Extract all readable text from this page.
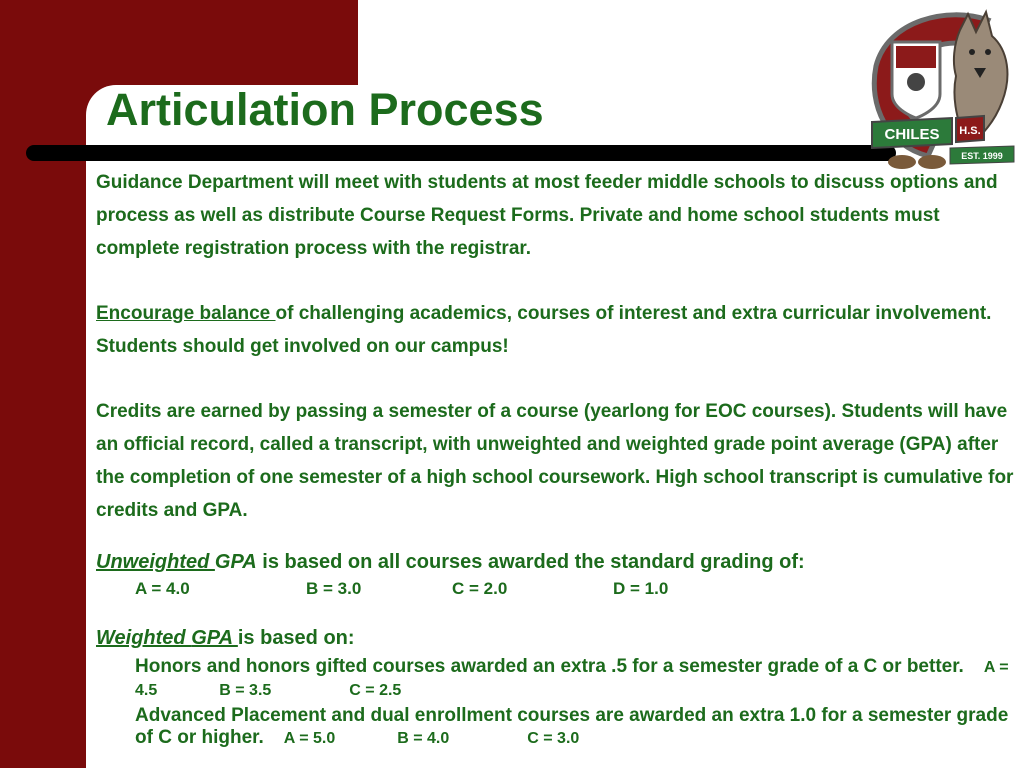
Articulation Process	CHILES H.S.
EST. 1999

Guidance Department will meet with students at most feeder middle schools to discuss options and process as well as distribute Course Request Forms. Private and home school students must complete registration process with the registrar.

Encourage balance of challenging academics, courses of interest and extra curricular involvement. Students should get involved on our campus!

Credits are earned by passing a semester of a course (yearlong for EOC courses). Students will have an official record, called a transcript, with unweighted and weighted grade point average (GPA) after the completion of one semester of a high school coursework. High school transcript is cumulative for credits and GPA.

Unweighted GPA is based on all courses awarded the standard grading of:

A = 4.0	B = 3.0	C = 2.0	D = 1.0

Weighted GPA is based on:

Honors and honors gifted courses awarded an extra .5 for a semester grade of a C or better. A = 4.5	B = 3.5	C = 2.5

Advanced Placement and dual enrollment courses are awarded an extra 1.0 for a semester grade of C or higher. A = 5.0	B = 4.0	C = 3.0
